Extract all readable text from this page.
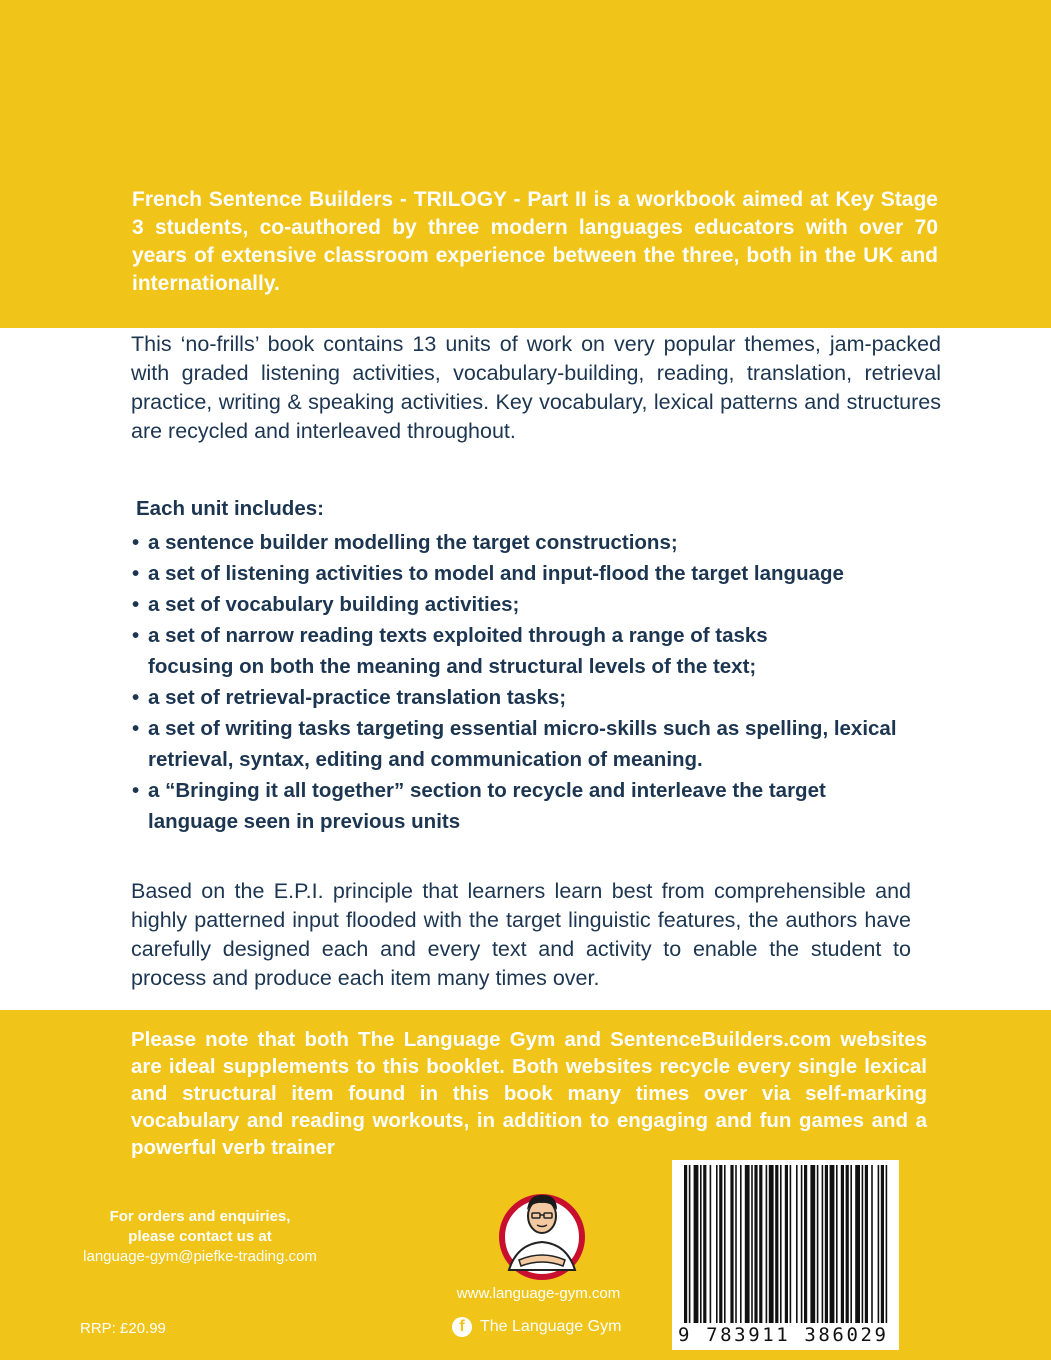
French Sentence Builders - TRILOGY - Part II is a workbook aimed at Key Stage 3 students, co-authored by three modern languages educators with over 70 years of extensive classroom experience between the three, both in the UK and internationally.

This ‘no-frills’ book contains 13 units of work on very popular themes, jam-packed with graded listening activities, vocabulary-building, reading, translation, retrieval practice, writing & speaking activities. Key vocabulary, lexical patterns and structures are recycled and interleaved throughout.

Each unit includes:

• a sentence builder modelling the target constructions;
• a set of listening activities to model and input-flood the target language
• a set of vocabulary building activities;
• a set of narrow reading texts exploited through a range of tasks focusing on both the meaning and structural levels of the text;
• a set of retrieval-practice translation tasks;
• a set of writing tasks targeting essential micro-skills such as spelling, lexical retrieval, syntax, editing and communication of meaning.
• a “Bringing it all together” section to recycle and interleave the target language seen in previous units

Based on the E.P.I. principle that learners learn best from comprehensible and highly patterned input flooded with the target linguistic features, the authors have carefully designed each and every text and activity to enable the student to process and produce each item many times over.

Please note that both The Language Gym and SentenceBuilders.com websites are ideal supplements to this booklet. Both websites recycle every single lexical and structural item found in this book many times over via self-marking vocabulary and reading workouts, in addition to engaging and fun games and a powerful verb trainer

For orders and enquiries,
please contact us at
language-gym@piefke-trading.com
RRP: £20.99
www.language-gym.com
f The Language Gym	9 783911 386029
